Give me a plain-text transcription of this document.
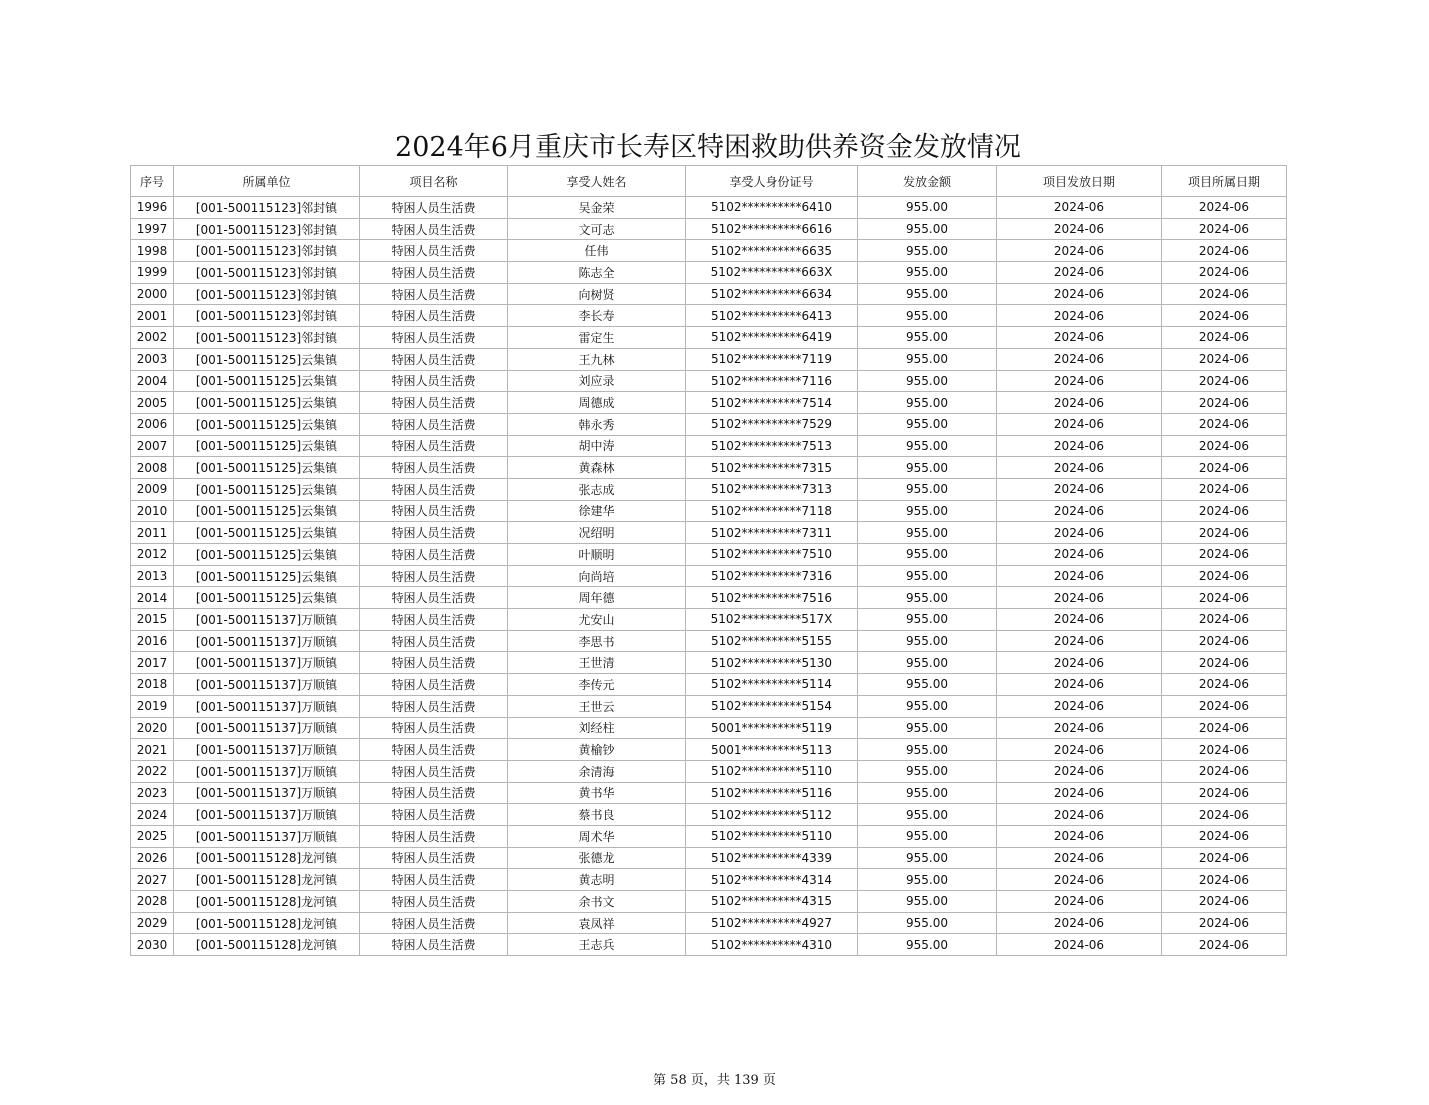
2024年6月重庆市长寿区特困救助供养资金发放情况
序号	所属单位	项目名称	享受人姓名	享受人身份证号	发放金额	项目发放日期	项目所属日期
1996	[001-500115123]邻封镇	特困人员生活费	吴金荣	5102**********6410	955.00	2024-06	2024-06
1997	[001-500115123]邻封镇	特困人员生活费	文可志	5102**********6616	955.00	2024-06	2024-06
1998	[001-500115123]邻封镇	特困人员生活费	任伟	5102**********6635	955.00	2024-06	2024-06
1999	[001-500115123]邻封镇	特困人员生活费	陈志全	5102**********663X	955.00	2024-06	2024-06
2000	[001-500115123]邻封镇	特困人员生活费	向树贤	5102**********6634	955.00	2024-06	2024-06
2001	[001-500115123]邻封镇	特困人员生活费	李长寿	5102**********6413	955.00	2024-06	2024-06
2002	[001-500115123]邻封镇	特困人员生活费	雷定生	5102**********6419	955.00	2024-06	2024-06
2003	[001-500115125]云集镇	特困人员生活费	王九林	5102**********7119	955.00	2024-06	2024-06
2004	[001-500115125]云集镇	特困人员生活费	刘应录	5102**********7116	955.00	2024-06	2024-06
2005	[001-500115125]云集镇	特困人员生活费	周德成	5102**********7514	955.00	2024-06	2024-06
2006	[001-500115125]云集镇	特困人员生活费	韩永秀	5102**********7529	955.00	2024-06	2024-06
2007	[001-500115125]云集镇	特困人员生活费	胡中涛	5102**********7513	955.00	2024-06	2024-06
2008	[001-500115125]云集镇	特困人员生活费	黄森林	5102**********7315	955.00	2024-06	2024-06
2009	[001-500115125]云集镇	特困人员生活费	张志成	5102**********7313	955.00	2024-06	2024-06
2010	[001-500115125]云集镇	特困人员生活费	徐建华	5102**********7118	955.00	2024-06	2024-06
2011	[001-500115125]云集镇	特困人员生活费	况绍明	5102**********7311	955.00	2024-06	2024-06
2012	[001-500115125]云集镇	特困人员生活费	叶顺明	5102**********7510	955.00	2024-06	2024-06
2013	[001-500115125]云集镇	特困人员生活费	向尚培	5102**********7316	955.00	2024-06	2024-06
2014	[001-500115125]云集镇	特困人员生活费	周年德	5102**********7516	955.00	2024-06	2024-06
2015	[001-500115137]万顺镇	特困人员生活费	尤安山	5102**********517X	955.00	2024-06	2024-06
2016	[001-500115137]万顺镇	特困人员生活费	李思书	5102**********5155	955.00	2024-06	2024-06
2017	[001-500115137]万顺镇	特困人员生活费	王世清	5102**********5130	955.00	2024-06	2024-06
2018	[001-500115137]万顺镇	特困人员生活费	李传元	5102**********5114	955.00	2024-06	2024-06
2019	[001-500115137]万顺镇	特困人员生活费	王世云	5102**********5154	955.00	2024-06	2024-06
2020	[001-500115137]万顺镇	特困人员生活费	刘经柱	5001**********5119	955.00	2024-06	2024-06
2021	[001-500115137]万顺镇	特困人员生活费	黄榆钞	5001**********5113	955.00	2024-06	2024-06
2022	[001-500115137]万顺镇	特困人员生活费	余清海	5102**********5110	955.00	2024-06	2024-06
2023	[001-500115137]万顺镇	特困人员生活费	黄书华	5102**********5116	955.00	2024-06	2024-06
2024	[001-500115137]万顺镇	特困人员生活费	蔡书良	5102**********5112	955.00	2024-06	2024-06
2025	[001-500115137]万顺镇	特困人员生活费	周术华	5102**********5110	955.00	2024-06	2024-06
2026	[001-500115128]龙河镇	特困人员生活费	张德龙	5102**********4339	955.00	2024-06	2024-06
2027	[001-500115128]龙河镇	特困人员生活费	黄志明	5102**********4314	955.00	2024-06	2024-06
2028	[001-500115128]龙河镇	特困人员生活费	余书文	5102**********4315	955.00	2024-06	2024-06
2029	[001-500115128]龙河镇	特困人员生活费	袁凤祥	5102**********4927	955.00	2024-06	2024-06
2030	[001-500115128]龙河镇	特困人员生活费	王志兵	5102**********4310	955.00	2024-06	2024-06
第 58 页，共 139 页
